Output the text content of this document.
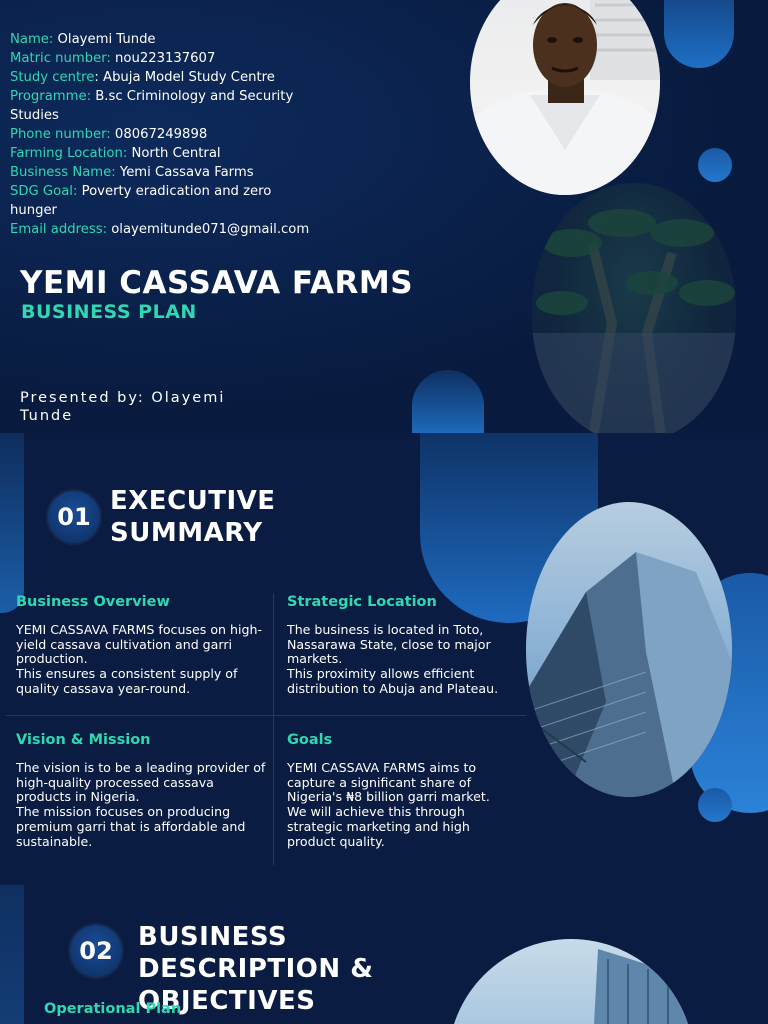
Name: Olayemi Tunde
Matric number: nou223137607
Study centre: Abuja Model Study Centre
Programme: B.sc Criminology and Security Studies
Phone number: 08067249898
Farming Location: North Central
Business Name: Yemi Cassava Farms
SDG Goal: Poverty eradication and zero hunger
Email address: olayemitunde071@gmail.com
YEMI CASSAVA FARMS
BUSINESS PLAN
Presented by: Olayemi Tunde
01
EXECUTIVE
SUMMARY
Business Overview

YEMI CASSAVA FARMS focuses on high-yield cassava cultivation and garri production.
This ensures a consistent supply of quality cassava year-round.

Strategic Location

The business is located in Toto, Nassarawa State, close to major markets.
This proximity allows efficient distribution to Abuja and Plateau.

Vision & Mission

The vision is to be a leading provider of high-quality processed cassava products in Nigeria.
The mission focuses on producing premium garri that is affordable and sustainable.

Goals

YEMI CASSAVA FARMS aims to capture a significant share of Nigeria's ₦8 billion garri market.
We will achieve this through strategic marketing and high product quality.

02 BUSINESS
DESCRIPTION &
OBJECTIVES
Operational Plan
